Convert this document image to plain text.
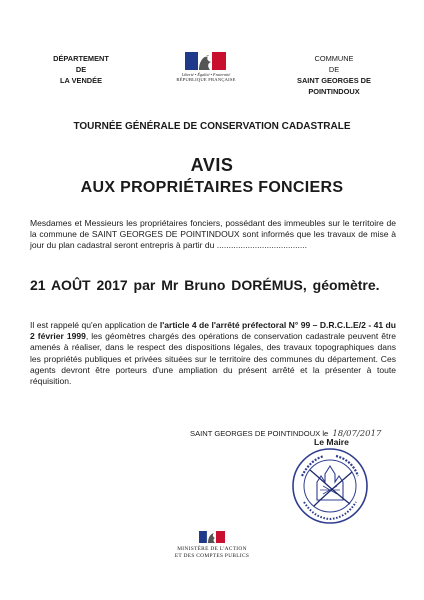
DÉPARTEMENT
DE
LA VENDÉE
Liberté • Égalité • Fraternité
RÉPUBLIQUE FRANÇAISE
COMMUNE
DE
SAINT GEORGES DE
POINTINDOUX
TOURNÉE GÉNÉRALE DE CONSERVATION CADASTRALE
AVIS
AUX PROPRIÉTAIRES FONCIERS
Mesdames et Messieurs les propriétaires fonciers, possédant des immeubles sur le territoire de la commune de SAINT GEORGES DE POINTINDOUX sont informés que les travaux de mise à jour du plan cadastral seront entrepris à partir du ......................................
21 AOÛT 2017 par Mr Bruno DORÉMUS, géomètre.
Il est rappelé qu'en application de l'article 4 de l'arrêté préfectoral N° 99 – D.R.C.L.E/2 - 41 du 2 février 1999, les géomètres chargés des opérations de conservation cadastrale peuvent être amenés à réaliser, dans le respect des dispositions légales, des travaux topographiques dans les propriétés publiques et privées situées sur le territoire des communes du département. Ces agents devront être porteurs d'une ampliation du présent arrêté et la présenter à toute réquisition.
SAINT GEORGES DE POINTINDOUX le 18/07/2017
Le Maire
MINISTÈRE DE L'ACTION
ET DES COMPTES PUBLICS
